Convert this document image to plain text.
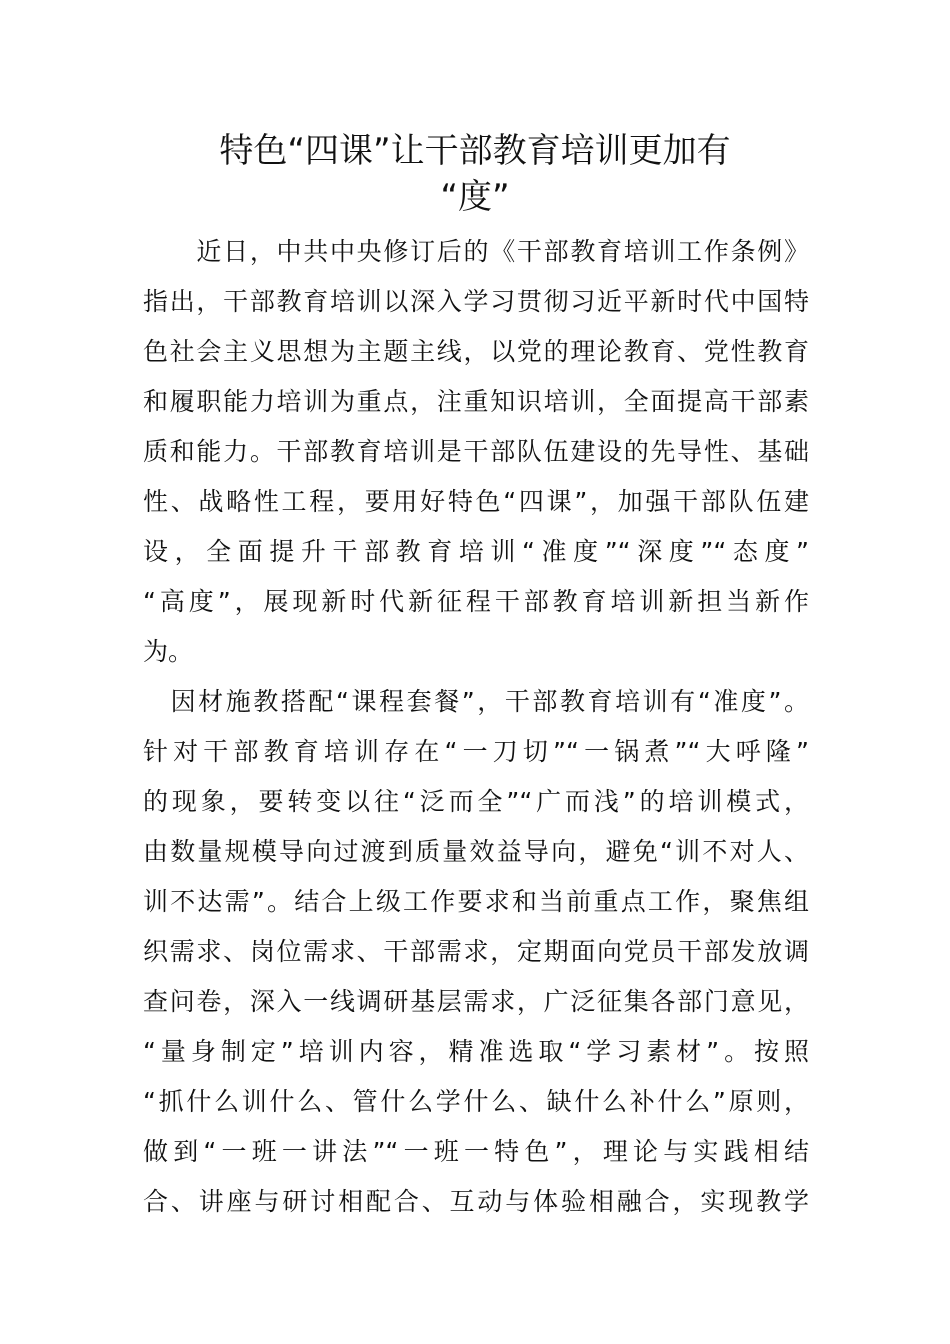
特色“四课”让干部教育培训更加有
“度”
　　近日，中共中央修订后的《干部教育培训工作条例》
指出，干部教育培训以深入学习贯彻习近平新时代中国特
色社会主义思想为主题主线，以党的理论教育、党性教育
和履职能力培训为重点，注重知识培训，全面提高干部素
质和能力。干部教育培训是干部队伍建设的先导性、基础
性、战略性工程，要用好特色“四课”，加强干部队伍建
设，全面提升干部教育培训“准度”“深度”“态度”
“高度”，展现新时代新征程干部教育培训新担当新作
为。
　因材施教搭配“课程套餐”，干部教育培训有“准度”。
针对干部教育培训存在“一刀切”“一锅煮”“大呼隆”
的现象，要转变以往“泛而全”“广而浅”的培训模式，
由数量规模导向过渡到质量效益导向，避免“训不对人、
训不达需”。结合上级工作要求和当前重点工作，聚焦组
织需求、岗位需求、干部需求，定期面向党员干部发放调
查问卷，深入一线调研基层需求，广泛征集各部门意见，
“量身制定”培训内容，精准选取“学习素材”。按照
“抓什么训什么、管什么学什么、缺什么补什么”原则，
做到“一班一讲法”“一班一特色”，理论与实践相结
合、讲座与研讨相配合、互动与体验相融合，实现教学
